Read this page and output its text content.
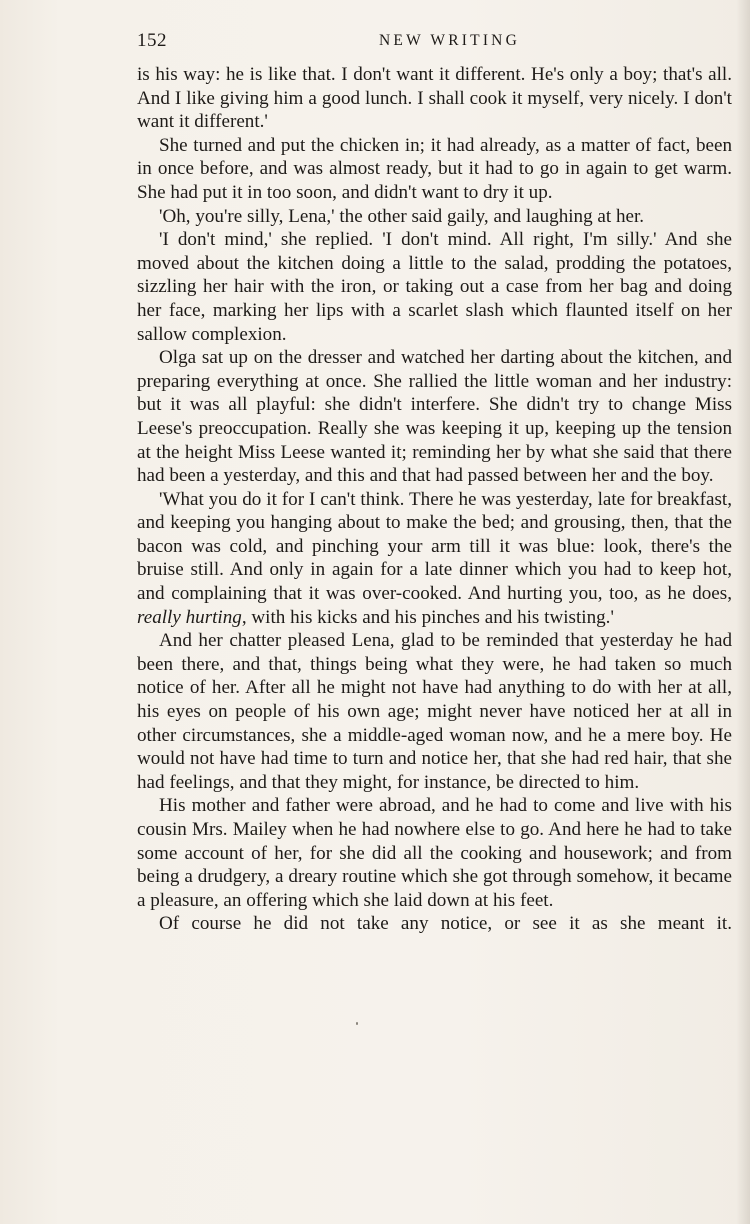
152	NEW WRITING

is his way: he is like that. I don't want it different. He's only a boy; that's all. And I like giving him a good lunch. I shall cook it myself, very nicely. I don't want it different.'

She turned and put the chicken in; it had already, as a matter of fact, been in once before, and was almost ready, but it had to go in again to get warm. She had put it in too soon, and didn't want to dry it up.

'Oh, you're silly, Lena,' the other said gaily, and laughing at her.

'I don't mind,' she replied. 'I don't mind. All right, I'm silly.' And she moved about the kitchen doing a little to the salad, prodding the potatoes, sizzling her hair with the iron, or taking out a case from her bag and doing her face, marking her lips with a scarlet slash which flaunted itself on her sallow complexion.

Olga sat up on the dresser and watched her darting about the kitchen, and preparing everything at once. She rallied the little woman and her industry: but it was all playful: she didn't interfere. She didn't try to change Miss Leese's preoccupation. Really she was keeping it up, keeping up the tension at the height Miss Leese wanted it; reminding her by what she said that there had been a yesterday, and this and that had passed between her and the boy.

'What you do it for I can't think. There he was yesterday, late for breakfast, and keeping you hanging about to make the bed; and grousing, then, that the bacon was cold, and pinching your arm till it was blue: look, there's the bruise still. And only in again for a late dinner which you had to keep hot, and complaining that it was over-cooked. And hurting you, too, as he does, really hurting, with his kicks and his pinches and his twisting.'

And her chatter pleased Lena, glad to be reminded that yesterday he had been there, and that, things being what they were, he had taken so much notice of her. After all he might not have had anything to do with her at all, his eyes on people of his own age; might never have noticed her at all in other circumstances, she a middle-aged woman now, and he a mere boy. He would not have had time to turn and notice her, that she had red hair, that she had feelings, and that they might, for instance, be directed to him.

His mother and father were abroad, and he had to come and live with his cousin Mrs. Mailey when he had nowhere else to go. And here he had to take some account of her, for she did all the cooking and housework; and from being a drudgery, a dreary routine which she got through somehow, it became a pleasure, an offering which she laid down at his feet.

Of course he did not take any notice, or see it as she meant it.
